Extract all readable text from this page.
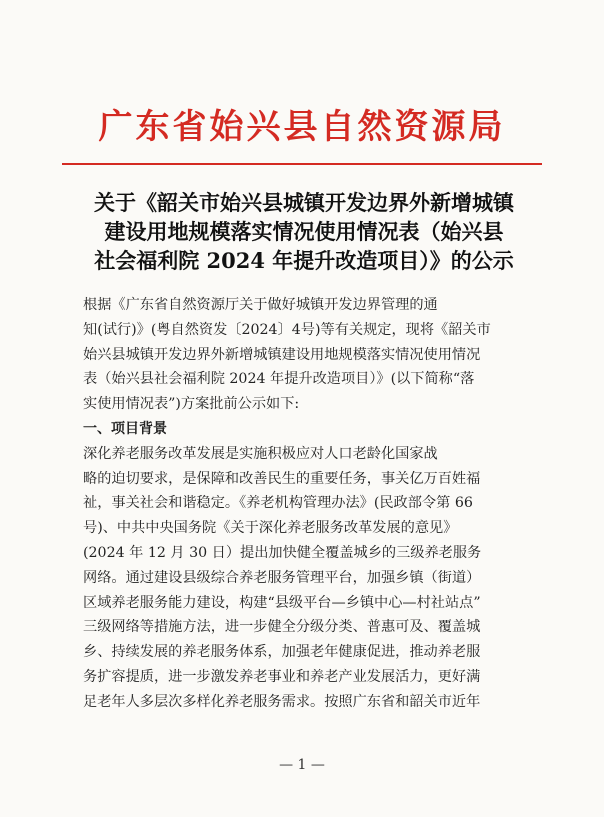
广东省始兴县自然资源局
关于《韶关市始兴县城镇开发边界外新增城镇
建设用地规模落实情况使用情况表（始兴县
社会福利院 2024 年提升改造项目）》的公示
根据《广东省自然资源厅关于做好城镇开发边界管理的通
知(试行)》(粤自然资发〔2024〕4号)等有关规定，现将《韶关市
始兴县城镇开发边界外新增城镇建设用地规模落实情况使用情况
表（始兴县社会福利院 2024 年提升改造项目）》(以下简称“落
实使用情况表”)方案批前公示如下:
一、项目背景
深化养老服务改革发展是实施积极应对人口老龄化国家战
略的迫切要求，是保障和改善民生的重要任务，事关亿万百姓福
祉，事关社会和谐稳定。《养老机构管理办法》(民政部令第 66
号)、中共中央国务院《关于深化养老服务改革发展的意见》
(2024 年 12 月 30 日）提出加快健全覆盖城乡的三级养老服务
网络。通过建设县级综合养老服务管理平台，加强乡镇（街道）
区域养老服务能力建设，构建“县级平台—乡镇中心—村社站点”
三级网络等措施方法，进一步健全分级分类、普惠可及、覆盖城
乡、持续发展的养老服务体系，加强老年健康促进，推动养老服
务扩容提质，进一步激发养老事业和养老产业发展活力，更好满
足老年人多层次多样化养老服务需求。按照广东省和韶关市近年
— 1 —
